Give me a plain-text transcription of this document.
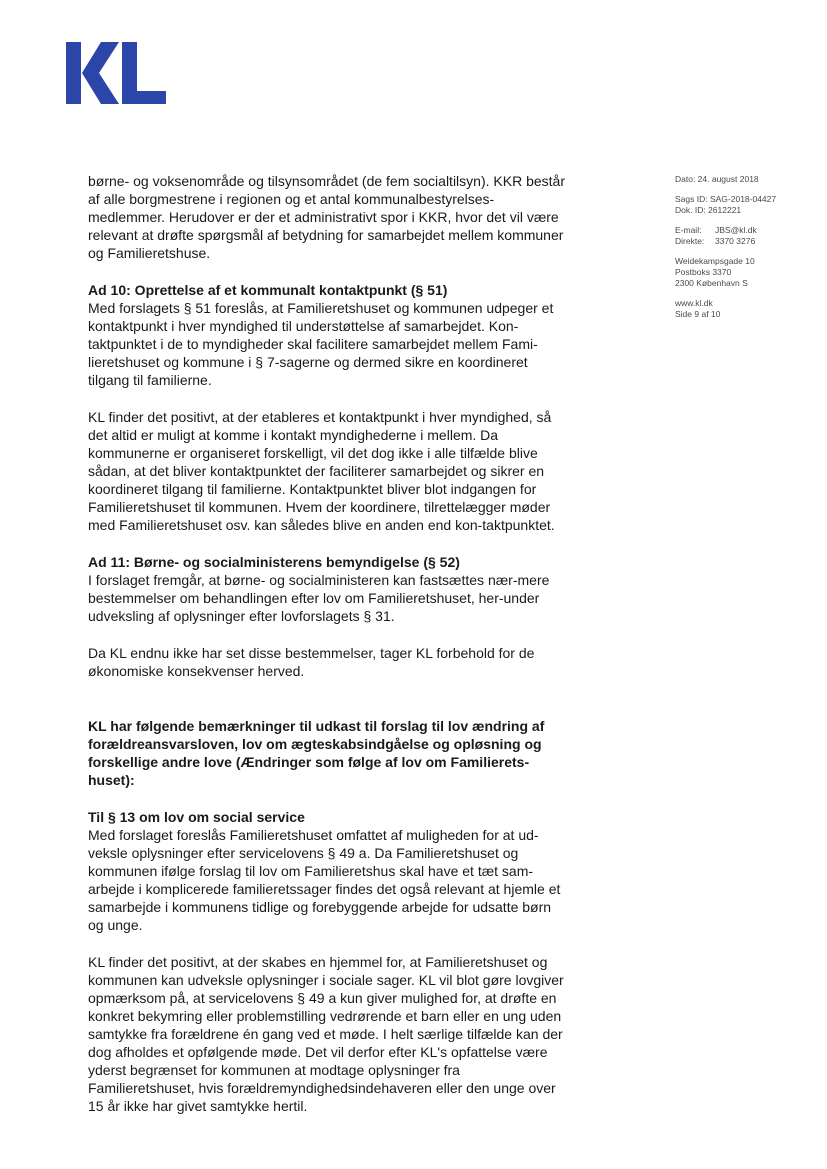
Dato: 24. august 2018
Sags ID: SAG-2018-04427
Dok. ID: 2612221
E-mail: JBS@kl.dk
Direkte: 3370 3276
Weidekampsgade 10
Postboks 3370
2300 København S
www.kl.dk
Side 9 af 10

børne- og voksenområde og tilsynsområdet (de fem socialtilsyn). KKR består af alle borgmestrene i regionen og et antal kommunalbestyrelses-medlemmer. Herudover er der et administrativt spor i KKR, hvor det vil være relevant at drøfte spørgsmål af betydning for samarbejdet mellem kommuner og Familieretshuse.

Ad 10: Oprettelse af et kommunalt kontaktpunkt (§ 51)

Med forslagets § 51 foreslås, at Familieretshuset og kommunen udpeger et kontaktpunkt i hver myndighed til understøttelse af samarbejdet. Kon-taktpunktet i de to myndigheder skal facilitere samarbejdet mellem Fami-lieretshuset og kommune i § 7-sagerne og dermed sikre en koordineret tilgang til familierne.

KL finder det positivt, at der etableres et kontaktpunkt i hver myndighed, så det altid er muligt at komme i kontakt myndighederne i mellem. Da kommunerne er organiseret forskelligt, vil det dog ikke i alle tilfælde blive sådan, at det bliver kontaktpunktet der faciliterer samarbejdet og sikrer en koordineret tilgang til familierne. Kontaktpunktet bliver blot indgangen for Familieretshuset til kommunen. Hvem der koordinere, tilrettelægger møder med Familieretshuset osv. kan således blive en anden end kon-taktpunktet.

Ad 11: Børne- og socialministerens bemyndigelse (§ 52)

I forslaget fremgår, at børne- og socialministeren kan fastsættes nær-mere bestemmelser om behandlingen efter lov om Familieretshuset, her-under udveksling af oplysninger efter lovforslagets § 31.

Da KL endnu ikke har set disse bestemmelser, tager KL forbehold for de økonomiske konsekvenser herved.

KL har følgende bemærkninger til udkast til forslag til lov ændring af forældreansvarsloven, lov om ægteskabsindgåelse og opløsning og forskellige andre love (Ændringer som følge af lov om Familierets-huset):
Til § 13 om lov om social service

Med forslaget foreslås Familieretshuset omfattet af muligheden for at ud-veksle oplysninger efter servicelovens § 49 a. Da Familieretshuset og kommunen ifølge forslag til lov om Familieretshus skal have et tæt sam-arbejde i komplicerede familieretssager findes det også relevant at hjemle et samarbejde i kommunens tidlige og forebyggende arbejde for udsatte børn og unge.

KL finder det positivt, at der skabes en hjemmel for, at Familieretshuset og kommunen kan udveksle oplysninger i sociale sager. KL vil blot gøre lovgiver opmærksom på, at servicelovens § 49 a kun giver mulighed for, at drøfte en konkret bekymring eller problemstilling vedrørende et barn eller en ung uden samtykke fra forældrene én gang ved et møde. I helt særlige tilfælde kan der dog afholdes et opfølgende møde. Det vil derfor efter KL's opfattelse være yderst begrænset for kommunen at modtage oplysninger fra Familieretshuset, hvis forældremyndighedsindehaveren eller den unge over 15 år ikke har givet samtykke hertil.
